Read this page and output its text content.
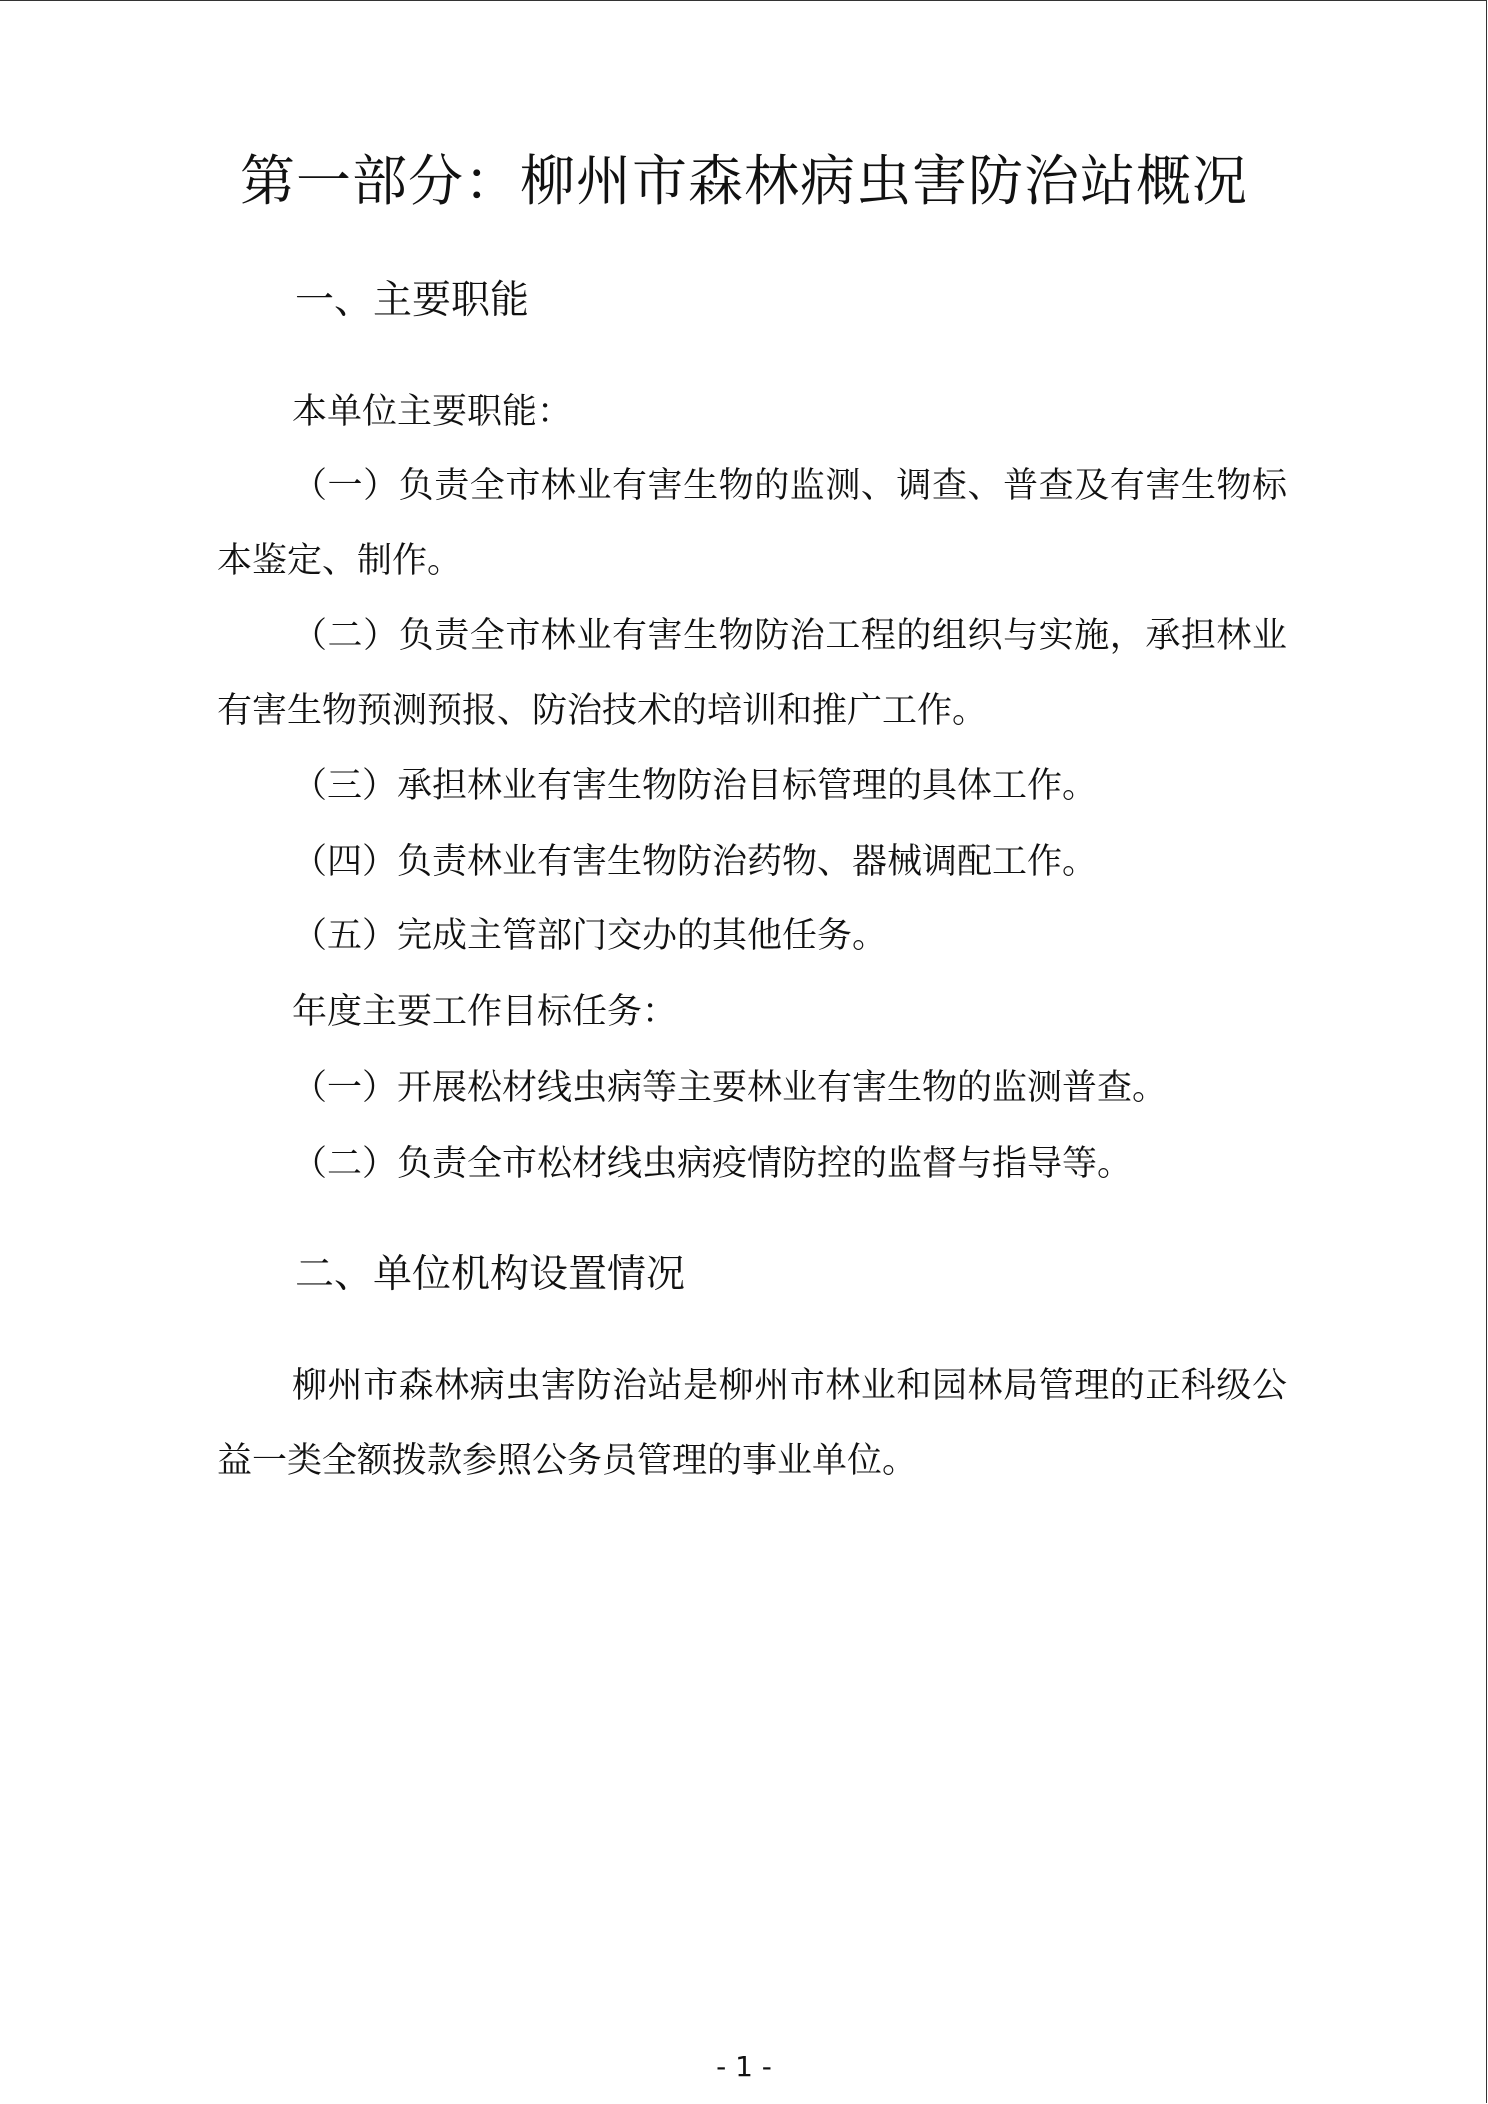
第一部分：柳州市森林病虫害防治站概况
一、主要职能

本单位主要职能：

（一）负责全市林业有害生物的监测、调查、普查及有害生物标本鉴定、制作。

（二）负责全市林业有害生物防治工程的组织与实施，承担林业有害生物预测预报、防治技术的培训和推广工作。

（三）承担林业有害生物防治目标管理的具体工作。

（四）负责林业有害生物防治药物、器械调配工作。

（五）完成主管部门交办的其他任务。

年度主要工作目标任务：

（一）开展松材线虫病等主要林业有害生物的监测普查。

（二）负责全市松材线虫病疫情防控的监督与指导等。

二、单位机构设置情况

柳州市森林病虫害防治站是柳州市林业和园林局管理的正科级公益一类全额拨款参照公务员管理的事业单位。

- 1 -
